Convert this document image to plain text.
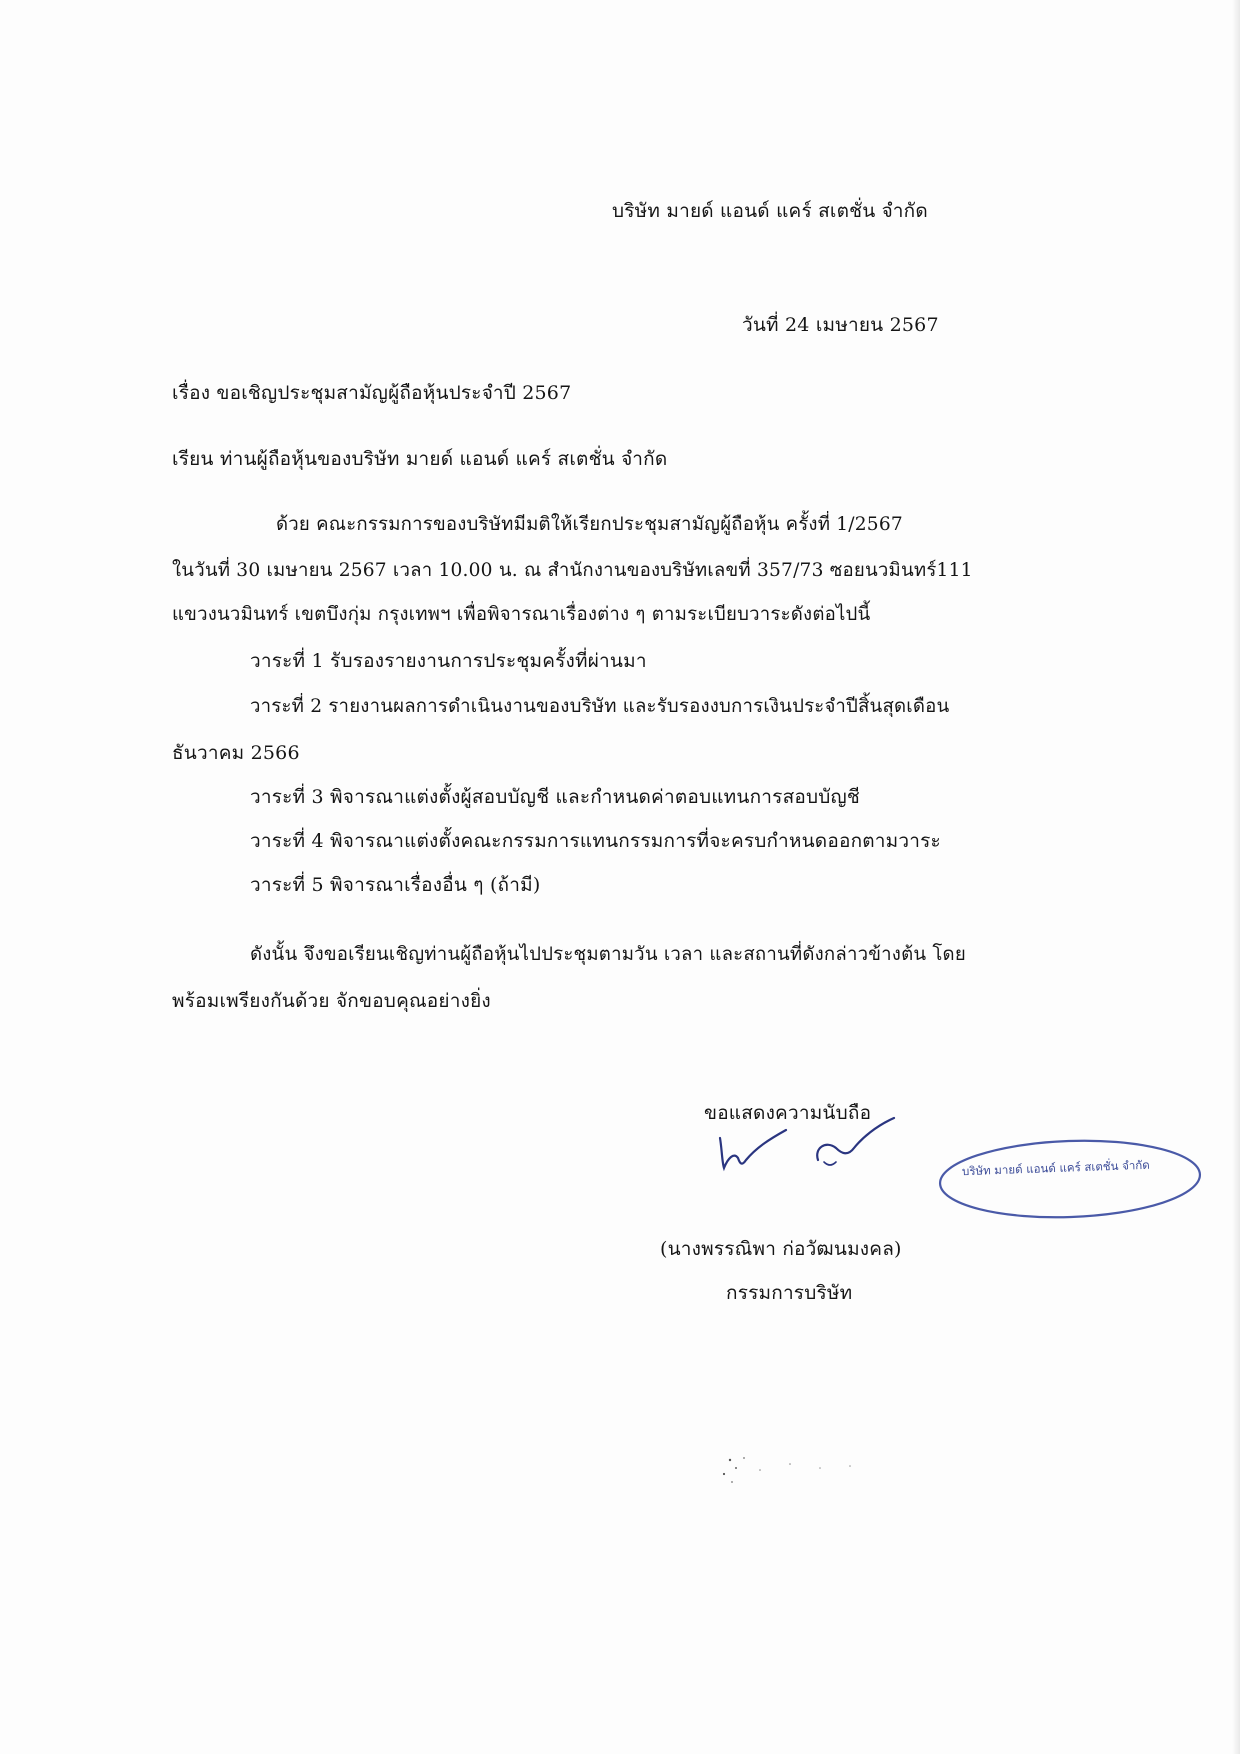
บริษัท มายด์ แอนด์ แคร์ สเตชั่น จำกัด
วันที่ 24 เมษายน 2567
เรื่อง ขอเชิญประชุมสามัญผู้ถือหุ้นประจำปี 2567
เรียน ท่านผู้ถือหุ้นของบริษัท มายด์ แอนด์ แคร์ สเตชั่น จำกัด
ด้วย คณะกรรมการของบริษัทมีมติให้เรียกประชุมสามัญผู้ถือหุ้น ครั้งที่ 1/2567
ในวันที่ 30 เมษายน 2567 เวลา 10.00 น. ณ สำนักงานของบริษัทเลขที่ 357/73 ซอยนวมินทร์111
แขวงนวมินทร์ เขตบึงกุ่ม กรุงเทพฯ เพื่อพิจารณาเรื่องต่าง ๆ ตามระเบียบวาระดังต่อไปนี้
วาระที่ 1 รับรองรายงานการประชุมครั้งที่ผ่านมา
วาระที่ 2 รายงานผลการดำเนินงานของบริษัท และรับรองงบการเงินประจำปีสิ้นสุดเดือน
ธันวาคม 2566
วาระที่ 3 พิจารณาแต่งตั้งผู้สอบบัญชี และกำหนดค่าตอบแทนการสอบบัญชี
วาระที่ 4 พิจารณาแต่งตั้งคณะกรรมการแทนกรรมการที่จะครบกำหนดออกตามวาระ
วาระที่ 5 พิจารณาเรื่องอื่น ๆ (ถ้ามี)
ดังนั้น จึงขอเรียนเชิญท่านผู้ถือหุ้นไปประชุมตามวัน เวลา และสถานที่ดังกล่าวข้างต้น โดย
พร้อมเพรียงกันด้วย จักขอบคุณอย่างยิ่ง
ขอแสดงความนับถือ
บริษัท มายด์ แอนด์ แคร์ สเตชั่น จำกัด
(นางพรรณิพา ก่อวัฒนมงคล)
กรรมการบริษัท
